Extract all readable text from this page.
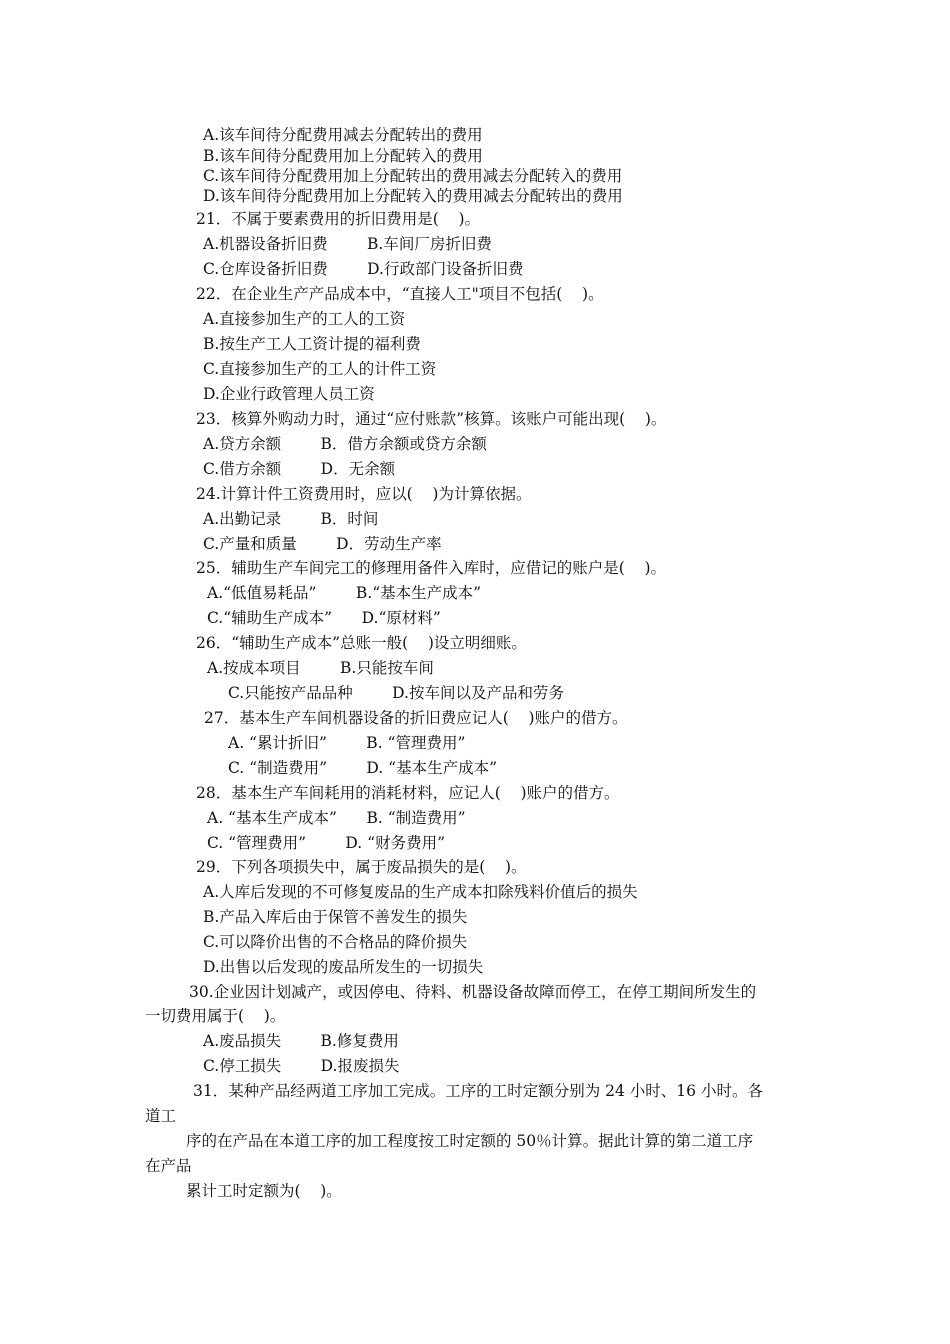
A.该车间待分配费用减去分配转出的费用
B.该车间待分配费用加上分配转入的费用
C.该车间待分配费用加上分配转出的费用减去分配转入的费用
D.该车间待分配费用加上分配转入的费用减去分配转出的费用
21．不属于要素费用的折旧费用是(    )。
A.机器设备折旧费        B.车间厂房折旧费
C.仓库设备折旧费        D.行政部门设备折旧费
22．在企业生产产品成本中，“直接人工"项目不包括(    )。
A.直接参加生产的工人的工资
B.按生产工人工资计提的福利费
C.直接参加生产的工人的计件工资
D.企业行政管理人员工资
23．核算外购动力时，通过“应付账款”核算。该账户可能出现(    )。
A.贷方余额        B．借方余额或贷方余额
C.借方余额        D．无余额
24.计算计件工资费用时，应以(    )为计算依据。
A.出勤记录        B．时间
C.产量和质量        D．劳动生产率
25．辅助生产车间完工的修理用备件入库时，应借记的账户是(    )。
A.“低值易耗品”        B.“基本生产成本”
C.“辅助生产成本”      D.“原材料”
26．“辅助生产成本”总账一般(    )设立明细账。
A.按成本项目        B.只能按车间
C.只能按产品品种        D.按车间以及产品和劳务
27．基本生产车间机器设备的折旧费应记人(    )账户的借方。
A. “累计折旧”        B. “管理费用”
C. “制造费用”        D. “基本生产成本”
28．基本生产车间耗用的消耗材料，应记人(    )账户的借方。
A. “基本生产成本”      B. “制造费用”
C. “管理费用”        D. “财务费用”
29．下列各项损失中，属于废品损失的是(    )。
A.人库后发现的不可修复废品的生产成本扣除残料价值后的损失
B.产品入库后由于保管不善发生的损失
C.可以降价出售的不合格品的降价损失
D.出售以后发现的废品所发生的一切损失
30.企业因计划减产，或因停电、待料、机器设备故障而停工，在停工期间所发生的
一切费用属于(    )。
A.废品损失        B.修复费用
C.停工损失        D.报废损失
31．某种产品经两道工序加工完成。工序的工时定额分别为 24 小时、16 小时。各
道工
序的在产品在本道工序的加工程度按工时定额的 50％计算。据此计算的第二道工序
在产品
累计工时定额为(    )。
